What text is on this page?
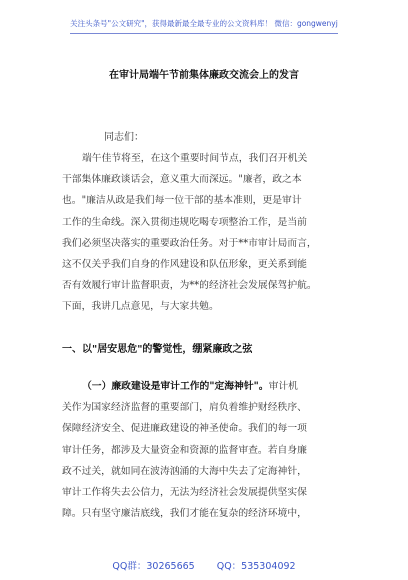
关注头条号"公文研究"，获得最新最全最专业的公文资料库！ 微信：gongwenyj
在审计局端午节前集体廉政交流会上的发言
同志们：
端午佳节将至，在这个重要时间节点，我们召开机关
干部集体廉政谈话会，意义重大而深远。"廉者，政之本
也。"廉洁从政是我们每一位干部的基本准则，更是审计
工作的生命线。深入贯彻违规吃喝专项整治工作，是当前
我们必须坚决落实的重要政治任务。对于**市审计局而言，
这不仅关乎我们自身的作风建设和队伍形象，更关系到能
否有效履行审计监督职责，为**的经济社会发展保驾护航。
下面，我讲几点意见，与大家共勉。
一、以"居安思危"的警觉性，绷紧廉政之弦
（一）廉政建设是审计工作的"定海神针"。审计机
关作为国家经济监督的重要部门，肩负着维护财经秩序、
保障经济安全、促进廉政建设的神圣使命。我们的每一项
审计任务，都涉及大量资金和资源的监督审查。若自身廉
政不过关，就如同在波涛汹涌的大海中失去了定海神针，
审计工作将失去公信力，无法为经济社会发展提供坚实保
障。只有坚守廉洁底线，我们才能在复杂的经济环境中，
QQ群：30265665 QQ：535304092
